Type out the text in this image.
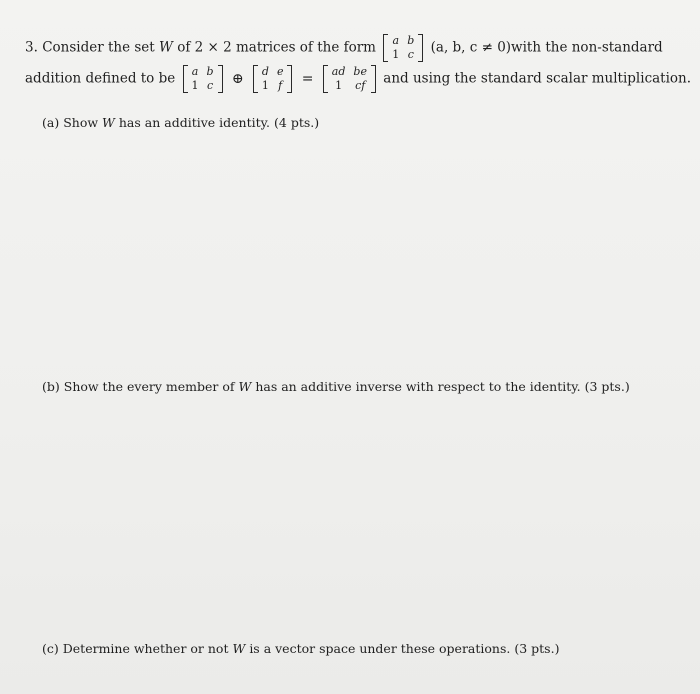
3. Consider the set W of 2 × 2 matrices of the form a	b
1	c (a, b, c ≠ 0)with the non-standard
addition defined to be a	b
1	c ⊕ d	e
1	f = ad	be
1	cf and using the standard scalar multiplication.
(a) Show W has an additive identity. (4 pts.)
(b) Show the every member of W has an additive inverse with respect to the identity. (3 pts.)
(c) Determine whether or not W is a vector space under these operations. (3 pts.)
